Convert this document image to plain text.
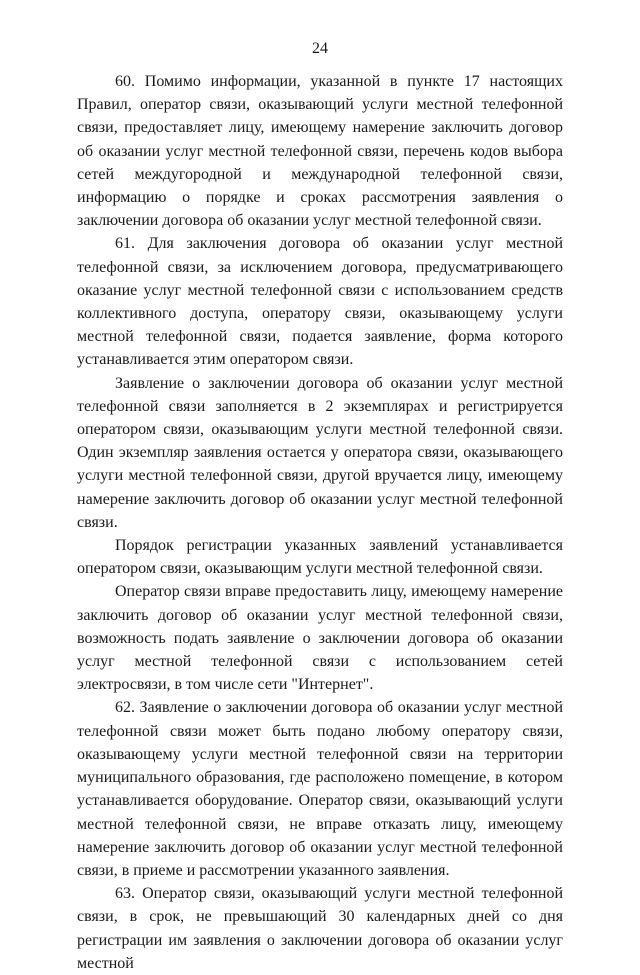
24

60. Помимо информации, указанной в пункте 17 настоящих Правил, оператор связи, оказывающий услуги местной телефонной связи, предоставляет лицу, имеющему намерение заключить договор об оказании услуг местной телефонной связи, перечень кодов выбора сетей междугородной и международной телефонной связи, информацию о порядке и сроках рассмотрения заявления о заключении договора об оказании услуг местной телефонной связи.

61. Для заключения договора об оказании услуг местной телефонной связи, за исключением договора, предусматривающего оказание услуг местной телефонной связи с использованием средств коллективного доступа, оператору связи, оказывающему услуги местной телефонной связи, подается заявление, форма которого устанавливается этим оператором связи.

Заявление о заключении договора об оказании услуг местной телефонной связи заполняется в 2 экземплярах и регистрируется оператором связи, оказывающим услуги местной телефонной связи. Один экземпляр заявления остается у оператора связи, оказывающего услуги местной телефонной связи, другой вручается лицу, имеющему намерение заключить договор об оказании услуг местной телефонной связи.

Порядок регистрации указанных заявлений устанавливается оператором связи, оказывающим услуги местной телефонной связи.

Оператор связи вправе предоставить лицу, имеющему намерение заключить договор об оказании услуг местной телефонной связи, возможность подать заявление о заключении договора об оказании услуг местной телефонной связи с использованием сетей электросвязи, в том числе сети "Интернет".

62. Заявление о заключении договора об оказании услуг местной телефонной связи может быть подано любому оператору связи, оказывающему услуги местной телефонной связи на территории муниципального образования, где расположено помещение, в котором устанавливается оборудование. Оператор связи, оказывающий услуги местной телефонной связи, не вправе отказать лицу, имеющему намерение заключить договор об оказании услуг местной телефонной связи, в приеме и рассмотрении указанного заявления.

63. Оператор связи, оказывающий услуги местной телефонной связи, в срок, не превышающий 30 календарных дней со дня регистрации им заявления о заключении договора об оказании услуг местной
